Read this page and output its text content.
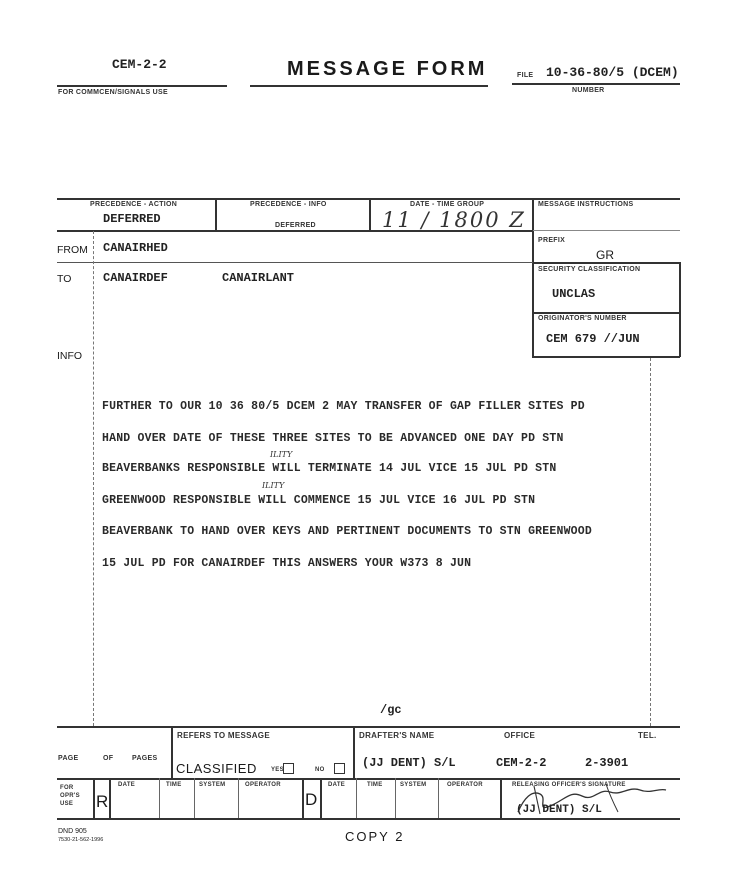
CEM-2-2
FOR COMMCEN/SIGNALS USE
MESSAGE FORM	FILE 10-36-80/5 (DCEM)
NUMBER
PRECEDENCE - ACTION
DEFERRED
PRECEDENCE - INFO
DEFERRED
DATE - TIME GROUP
11 / 1800 Z
MESSAGE INSTRUCTIONS
PREFIX
GR
SECURITY CLASSIFICATION
UNCLAS
ORIGINATOR'S NUMBER
CEM 679 //JUN
FROM CANAIRHED
TO	CANAIRDEF	CANAIRLANT
INFO
FURTHER TO OUR 10 36 80/5 DCEM 2 MAY TRANSFER OF GAP FILLER SITES PD
HAND OVER DATE OF THESE THREE SITES TO BE ADVANCED ONE DAY PD STN
ILITY
BEAVERBANKS RESPONSIBLE WILL TERMINATE 14 JUL VICE 15 JUL PD STN
ILITY
GREENWOOD RESPONSIBLE WILL COMMENCE 15 JUL VICE 16 JUL PD STN
BEAVERBANK TO HAND OVER KEYS AND PERTINENT DOCUMENTS TO STN GREENWOOD
15 JUL PD FOR CANAIRDEF THIS ANSWERS YOUR W373 8 JUN
/gc
PAGE	OF	PAGES
REFERS TO MESSAGE
CLASSIFIED YES	NO
DRAFTER'S NAME
(JJ DENT) S/L
OFFICE
CEM-2-2
TEL.
2-3901
FOR OPR'S USE	R
DATE	TIME	SYSTEM	OPERATOR
D
DATE	TIME	SYSTEM	OPERATOR	RELEASING OFFICER'S SIGNATURE
(JJ DENT) S/L
DND 905
7530-21-562-1996	COPY 2
